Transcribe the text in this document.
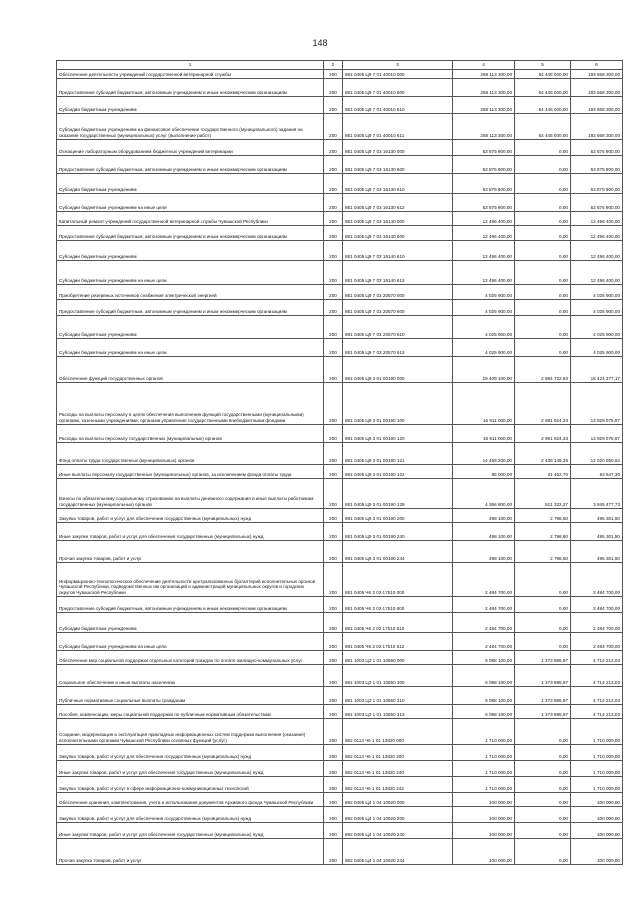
148
1	2	3	4	5	6
Обеспечение деятельности учреждений государственной ветеринарной службы	200	881 0405 Ц9 7 01 40010 000	258 113 300,00	64 445 000,00	193 668 300,00
Предоставление субсидий бюджетным, автономным учреждениям и иным некоммерческим организациям	200	881 0405 Ц9 7 01 40010 600	258 113 300,00	64 445 000,00	193 668 300,00
Субсидии бюджетным учреждениям	200	881 0405 Ц9 7 01 40010 610	258 113 300,00	64 445 000,00	193 668 300,00
Субсидии бюджетным учреждениям на финансовое обеспечение государственного (муниципального) задания на оказание государственных (муниципальных) услуг (выполнение работ)	200	881 0405 Ц9 7 01 40010 611	258 113 300,00	64 445 000,00	193 668 300,00
Оснащение лабораторным оборудованием бюджетных учреждений ветеринарии	200	881 0405 Ц9 7 03 16130 000	53 875 900,00	0,00	53 875 900,00
Предоставление субсидий бюджетным, автономным учреждениям и иным некоммерческим организациям	200	881 0405 Ц9 7 03 16130 600	53 875 900,00	0,00	53 875 900,00
Субсидии бюджетным учреждениям	200	881 0405 Ц9 7 03 16130 610	53 875 900,00	0,00	53 875 900,00
Субсидии бюджетным учреждениям на иные цели	200	881 0405 Ц9 7 03 16130 612	53 875 900,00	0,00	53 875 900,00
Капитальный ремонт учреждений государственной ветеринарной службы Чувашской Республики	200	881 0405 Ц9 7 03 16140 000	12 496 400,00	0,00	12 496 400,00
Предоставление субсидий бюджетным, автономным учреждениям и иным некоммерческим организациям	200	881 0405 Ц9 7 03 16140 600	12 496 400,00	0,00	12 496 400,00
Субсидии бюджетным учреждениям	200	881 0405 Ц9 7 03 16140 610	12 496 400,00	0,00	12 496 400,00
Субсидии бюджетным учреждениям на иные цели	200	881 0405 Ц9 7 03 16140 612	12 496 400,00	0,00	12 496 400,00
Приобретение резервных источников снабжения электрической энергией	200	881 0405 Ц9 7 03 20570 000	4 025 900,00	0,00	4 025 900,00
Предоставление субсидий бюджетным, автономным учреждениям и иным некоммерческим организациям	200	881 0405 Ц9 7 03 20570 600	4 025 900,00	0,00	4 025 900,00
Субсидии бюджетным учреждениям	200	881 0405 Ц9 7 03 20570 610	4 025 900,00	0,00	4 025 900,00
Субсидии бюджетным учреждениям на иные цели	200	881 0405 Ц9 7 03 20570 612	4 025 900,00	0,00	4 025 900,00
Обеспечение функций государственных органов	200	881 0405 Ц9 3 01 00190 000	19 409 100,00	2 984 722,83	16 424 377,17
Расходы на выплаты персоналу в целях обеспечения выполнения функций государственными (муниципальными) органами, казенными учреждениями, органами управления государственными внебюджетными фондами	200	881 0405 Ц9 3 01 00190 100	16 911 000,00	2 981 924,33	13 929 075,67
Расходы на выплаты персоналу государственных (муниципальных) органов	200	881 0405 Ц9 3 01 00190 120	16 911 000,00	2 981 924,33	13 929 075,67
Фонд оплаты труда государственных (муниципальных) органов	200	881 0405 Ц9 3 01 00190 121	14 459 200,00	2 439 149,35	12 020 050,64
Иные выплаты персоналу государственных (муниципальных) органов, за исключением фонда оплаты труда	200	881 0405 Ц9 3 01 00190 122	85 000,00	21 452,70	63 547,30
Взносы по обязательному социальному страхованию на выплаты денежного содержания и иные выплаты работникам государственных (муниципальных) органов	200	881 0405 Ц9 3 01 00190 129	4 366 800,00	521 322,27	3 845 477,73
Закупка товаров, работ и услуг для обеспечения государственных (муниципальных) нужд	200	881 0405 Ц9 3 01 00190 200	498 100,00	2 798,50	495 301,50
Иные закупки товаров, работ и услуг для обеспечения государственных (муниципальных) нужд	200	881 0405 Ц9 3 01 00190 240	498 100,00	2 798,50	495 301,50
Прочая закупка товаров, работ и услуг	200	881 0405 Ц9 3 01 00190 244	498 100,00	2 798,50	495 301,50
Информационно-технологическое обеспечение деятельности централизованных бухгалтерий исполнительных органов Чувашской Республики, подведомственных им организаций и администраций муниципальных округов и городских округов Чувашской Республики	200	881 0405 Ч6 2 02 17510 000	2 484 700,00	0,00	2 484 700,00
Предоставление субсидий бюджетным, автономным учреждениям и иным некоммерческим организациям	200	881 0405 Ч6 2 02 17510 600	2 484 700,00	0,00	2 484 700,00
Субсидии бюджетным учреждениям	200	881 0405 Ч6 2 02 17510 610	2 484 700,00	0,00	2 484 700,00
Субсидии бюджетным учреждениям на иные цели	200	881 0405 Ч6 2 02 17510 612	2 484 700,00	0,00	2 484 700,00
Обеспечение мер социальной поддержки отдельных категорий граждан по оплате жилищно-коммунальных услуг	200	881 1003 Ц3 1 01 10550 000	6 088 100,00	1 373 886,97	4 714 213,03
Социальное обеспечение и иные выплаты населению	200	881 1003 Ц3 1 01 10550 300	6 088 100,00	1 373 886,97	4 714 213,03
Публичные нормативные социальные выплаты гражданам	200	881 1003 Ц3 1 01 10550 310	6 088 100,00	1 373 886,97	4 714 213,03
Пособия, компенсации, меры социальной поддержки по публичным нормативным обязательствам	200	881 1003 Ц3 1 01 10550 313	6 088 100,00	1 373 886,97	4 714 213,03
Создание, модернизация и эксплуатация прикладных информационных систем поддержки выполнения (оказания) исполнительными органами Чувашской Республики основных функций (услуг)	200	882 0113 Ч6 1 01 13820 000	1 710 000,00	0,00	1 710 000,00
Закупка товаров, работ и услуг для обеспечения государственных (муниципальных) нужд	200	882 0113 Ч6 1 01 13820 200	1 710 000,00	0,00	1 710 000,00
Иные закупки товаров, работ и услуг для обеспечения государственных (муниципальных) нужд	200	882 0113 Ч6 1 01 13820 240	1 710 000,00	0,00	1 710 000,00
Закупка товаров, работ и услуг в сфере информационно-коммуникационных технологий	200	882 0113 Ч6 1 01 13820 242	1 710 000,00	0,00	1 710 000,00
Обеспечение хранения, комплектования, учета и использования документов Архивного фонда Чувашской Республики	200	882 0405 Ц4 1 04 10920 000	100 000,00	0,00	100 000,00
Закупка товаров, работ и услуг для обеспечения государственных (муниципальных) нужд	200	882 0405 Ц4 1 04 10920 200	100 000,00	0,00	100 000,00
Иные закупки товаров, работ и услуг для обеспечения государственных (муниципальных) нужд	200	882 0405 Ц4 1 04 10920 240	100 000,00	0,00	100 000,00
Прочая закупка товаров, работ и услуг	200	882 0405 Ц4 1 04 10920 244	100 000,00	0,00	100 000,00
